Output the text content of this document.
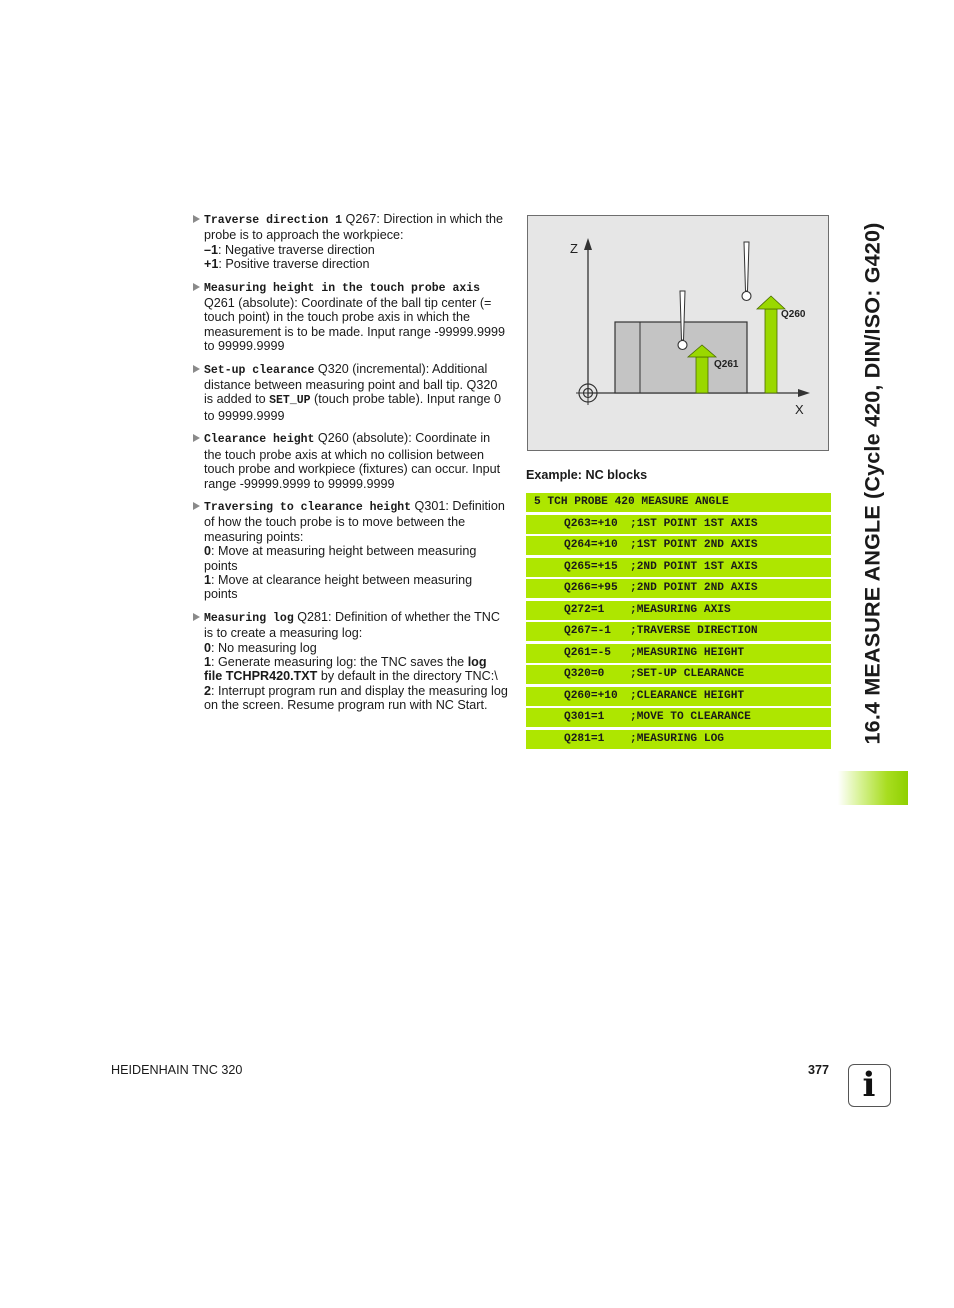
Traverse direction 1 Q267: Direction in which the probe is to approach the workpiece:
–1: Negative traverse direction
+1: Positive traverse direction
Measuring height in the touch probe axis Q261 (absolute): Coordinate of the ball tip center (= touch point) in the touch probe axis in which the measurement is to be made. Input range -99999.9999 to 99999.9999
Set-up clearance Q320 (incremental): Additional distance between measuring point and ball tip. Q320 is added to SET_UP (touch probe table). Input range 0 to 99999.9999
Clearance height Q260 (absolute): Coordinate in the touch probe axis at which no collision between touch probe and workpiece (fixtures) can occur. Input range -99999.9999 to 99999.9999
Traversing to clearance height Q301: Definition of how the touch probe is to move between the measuring points:
0: Move at measuring height between measuring points
1: Move at clearance height between measuring points
Measuring log Q281: Definition of whether the TNC is to create a measuring log:
0: No measuring log
1: Generate measuring log: the TNC saves the log file TCHPR420.TXT by default in the directory TNC:\
2: Interrupt program run and display the measuring log on the screen. Resume program run with NC Start.
Z
X
Q261
Q260
Example: NC blocks
5 TCH PROBE 420 MEASURE ANGLE
Q263=+10 ;1ST POINT 1ST AXIS
Q264=+10 ;1ST POINT 2ND AXIS
Q265=+15 ;2ND POINT 1ST AXIS
Q266=+95 ;2ND POINT 2ND AXIS
Q272=1 ;MEASURING AXIS
Q267=-1 ;TRAVERSE DIRECTION
Q261=-5 ;MEASURING HEIGHT
Q320=0 ;SET-UP CLEARANCE
Q260=+10 ;CLEARANCE HEIGHT
Q301=1 ;MOVE TO CLEARANCE
Q281=1 ;MEASURING LOG	16.4 MEASURE ANGLE (Cycle 420, DIN/ISO: G420)
HEIDENHAIN TNC 320	377 i
